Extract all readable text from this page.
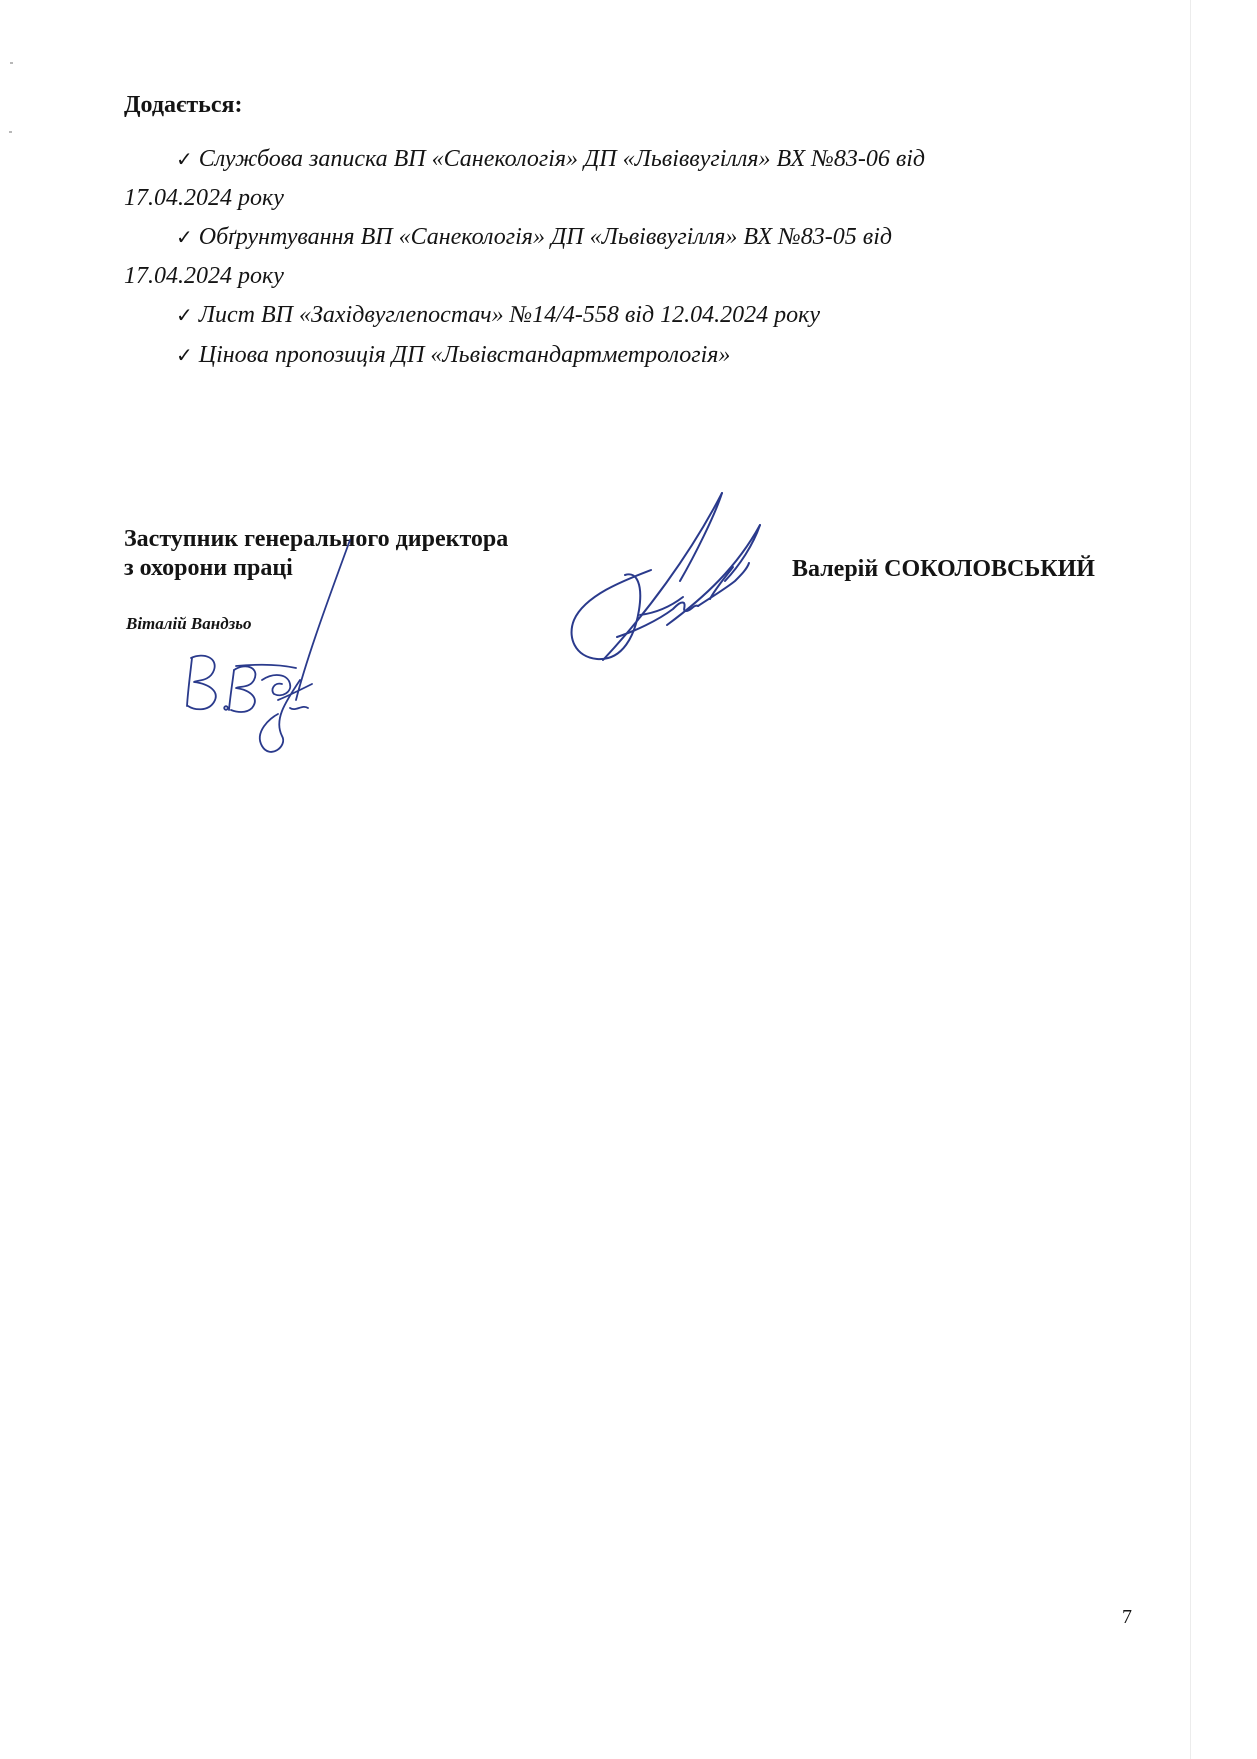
Додається:
✓ Службова записка ВП «Санекологія» ДП «Львіввугілля» ВХ №83-06 від
17.04.2024 року
✓ Обґрунтування ВП «Санекологія» ДП «Львіввугілля» ВХ №83-05 від
17.04.2024 року
✓ Лист ВП «Західвуглепостач» №14/4-558 від 12.04.2024 року
✓ Цінова пропозиція ДП «Львівстандартметрологія»
Заступник генерального директора
з охорони праці	Валерій СОКОЛОВСЬКИЙ
Віталій Вандзьо
7
